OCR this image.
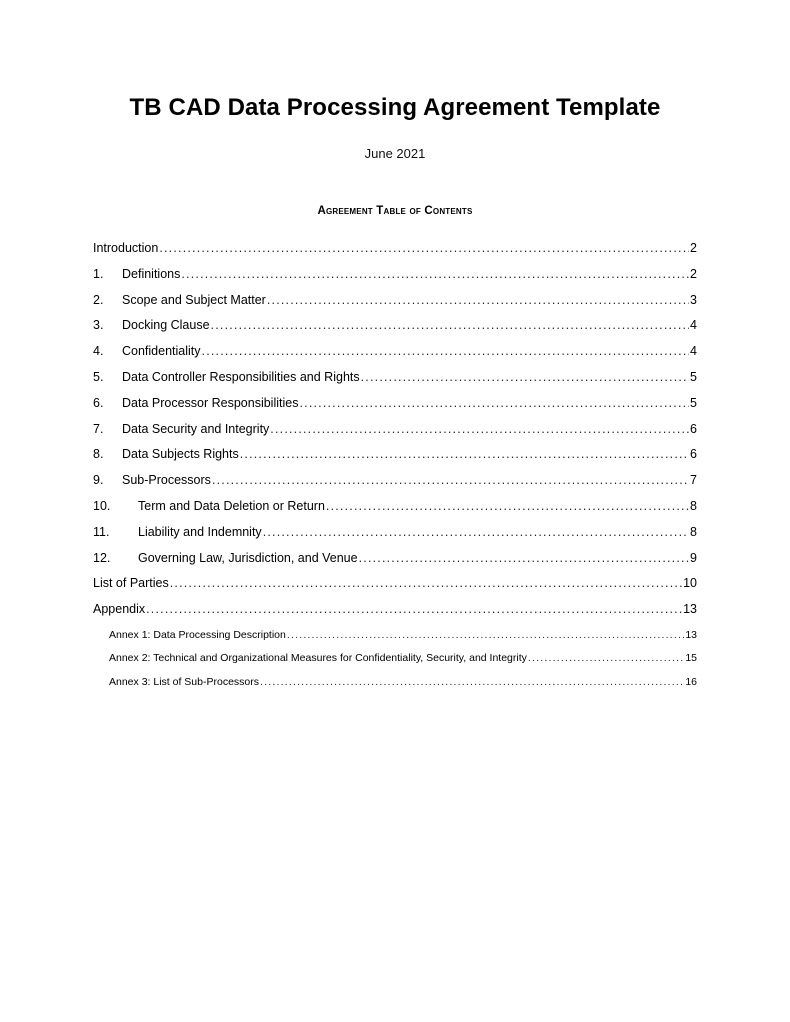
TB CAD Data Processing Agreement Template
June 2021
Agreement Table of Contents
Introduction .....	2
1.	Definitions .....	2
2.	Scope and Subject Matter .....	3
3.	Docking Clause .....	4
4.	Confidentiality .....	4
5.	Data Controller Responsibilities and Rights .....	5
6.	Data Processor Responsibilities .....	5
7.	Data Security and Integrity .....	6
8.	Data Subjects Rights .....	6
9.	Sub-Processors .....	7
10.	Term and Data Deletion or Return .....	8
11.	Liability and Indemnity .....	8
12.	Governing Law, Jurisdiction, and Venue .....	9
List of Parties .....	10
Appendix .....	13
Annex 1: Data Processing Description .....	13
Annex 2: Technical and Organizational Measures for Confidentiality, Security, and Integrity .....	15
Annex 3: List of Sub-Processors .....	16
